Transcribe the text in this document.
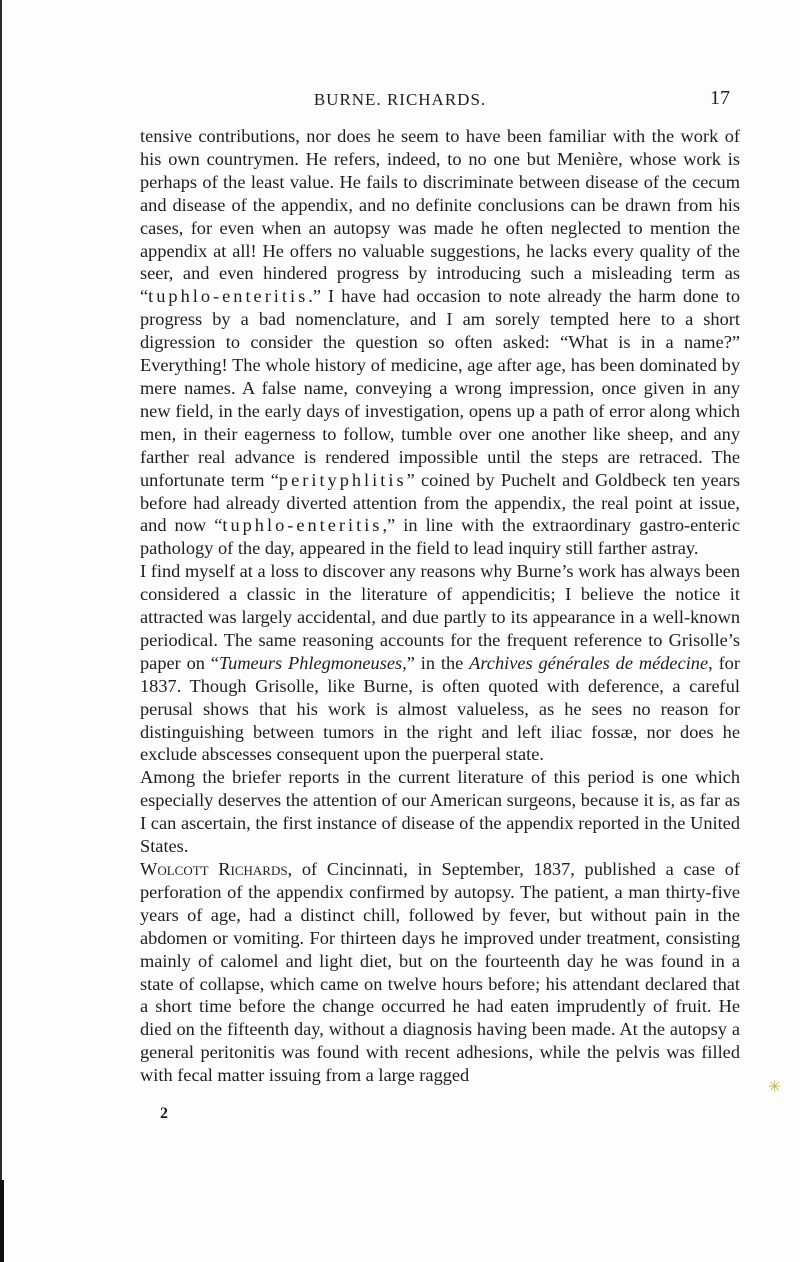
BURNE. RICHARDS.	17

tensive contributions, nor does he seem to have been familiar with the work of his own countrymen. He refers, indeed, to no one but Menière, whose work is perhaps of the least value. He fails to discriminate between disease of the cecum and disease of the appendix, and no definite conclusions can be drawn from his cases, for even when an autopsy was made he often neglected to mention the appendix at all! He offers no valuable suggestions, he lacks every quality of the seer, and even hindered progress by introducing such a misleading term as “tuphlo-enteritis.” I have had occasion to note already the harm done to progress by a bad nomenclature, and I am sorely tempted here to a short digression to consider the question so often asked: “What is in a name?” Everything! The whole history of medicine, age after age, has been dominated by mere names. A false name, conveying a wrong impression, once given in any new field, in the early days of investigation, opens up a path of error along which men, in their eagerness to follow, tumble over one another like sheep, and any farther real advance is rendered impossible until the steps are retraced. The unfortunate term “perityphlitis” coined by Puchelt and Goldbeck ten years before had already diverted attention from the appendix, the real point at issue, and now “tuphlo-enteritis,” in line with the extraordinary gastro-enteric pathology of the day, appeared in the field to lead inquiry still farther astray.

I find myself at a loss to discover any reasons why Burne’s work has always been considered a classic in the literature of appendicitis; I believe the notice it attracted was largely accidental, and due partly to its appearance in a well-known periodical. The same reasoning accounts for the frequent reference to Grisolle’s paper on “Tumeurs Phlegmoneuses,” in the Archives générales de médecine, for 1837. Though Grisolle, like Burne, is often quoted with deference, a careful perusal shows that his work is almost valueless, as he sees no reason for distinguishing between tumors in the right and left iliac fossæ, nor does he exclude abscesses consequent upon the puerperal state.

Among the briefer reports in the current literature of this period is one which especially deserves the attention of our American surgeons, because it is, as far as I can ascertain, the first instance of disease of the appendix reported in the United States.

Wolcott Richards, of Cincinnati, in September, 1837, published a case of perforation of the appendix confirmed by autopsy. The patient, a man thirty-five years of age, had a distinct chill, followed by fever, but without pain in the abdomen or vomiting. For thirteen days he improved under treatment, consisting mainly of calomel and light diet, but on the fourteenth day he was found in a state of collapse, which came on twelve hours before; his attendant declared that a short time before the change occurred he had eaten imprudently of fruit. He died on the fifteenth day, without a diagnosis having been made. At the autopsy a general peritonitis was found with recent adhesions, while the pelvis was filled with fecal matter issuing from a large ragged

2
✳
